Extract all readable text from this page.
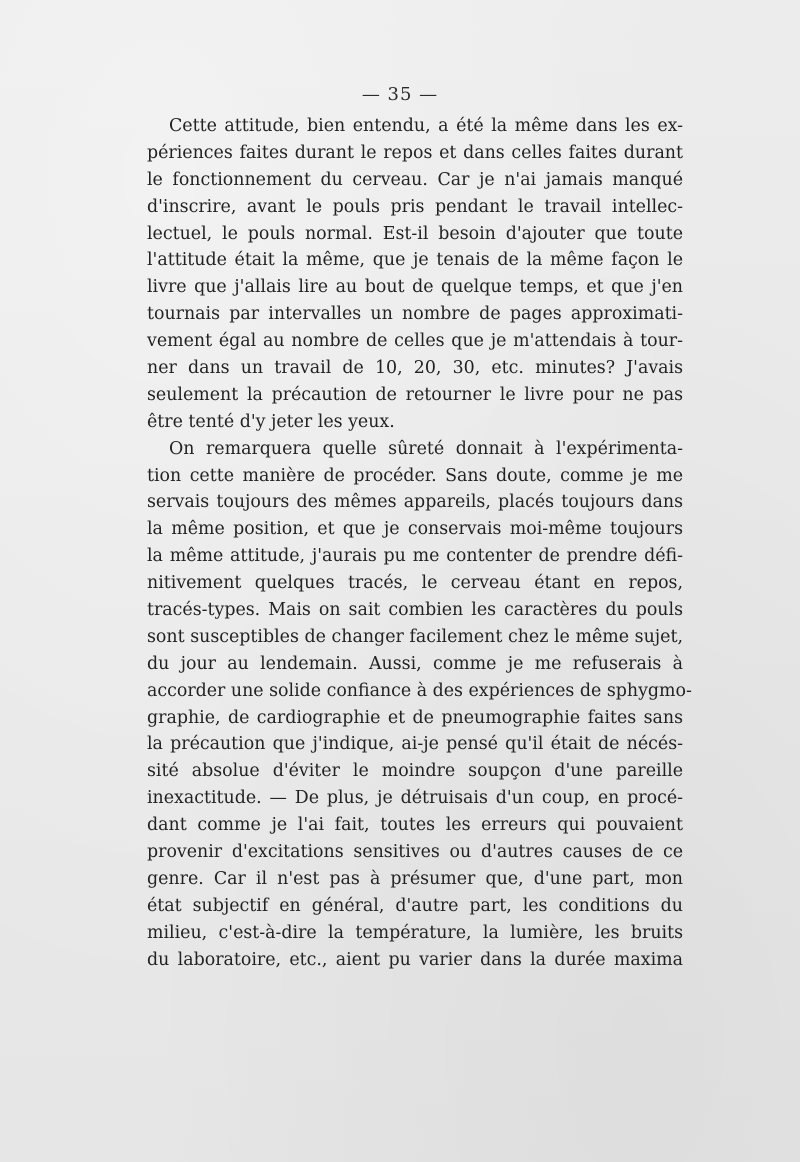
— 35 —
Cette attitude, bien entendu, a été la même dans les ex-
périences faites durant le repos et dans celles faites durant
le fonctionnement du cerveau. Car je n'ai jamais manqué
d'inscrire, avant le pouls pris pendant le travail intellec-
lectuel, le pouls normal. Est-il besoin d'ajouter que toute
l'attitude était la même, que je tenais de la même façon le
livre que j'allais lire au bout de quelque temps, et que j'en
tournais par intervalles un nombre de pages approximati-
vement égal au nombre de celles que je m'attendais à tour-
ner dans un travail de 10, 20, 30, etc. minutes? J'avais
seulement la précaution de retourner le livre pour ne pas
être tenté d'y jeter les yeux.
On remarquera quelle sûreté donnait à l'expérimenta-
tion cette manière de procéder. Sans doute, comme je me
servais toujours des mêmes appareils, placés toujours dans
la même position, et que je conservais moi-même toujours
la même attitude, j'aurais pu me contenter de prendre défi-
nitivement quelques tracés, le cerveau étant en repos,
tracés-types. Mais on sait combien les caractères du pouls
sont susceptibles de changer facilement chez le même sujet,
du jour au lendemain. Aussi, comme je me refuserais à
accorder une solide confiance à des expériences de sphygmo-
graphie, de cardiographie et de pneumographie faites sans
la précaution que j'indique, ai-je pensé qu'il était de nécés-
sité absolue d'éviter le moindre soupçon d'une pareille
inexactitude. — De plus, je détruisais d'un coup, en procé-
dant comme je l'ai fait, toutes les erreurs qui pouvaient
provenir d'excitations sensitives ou d'autres causes de ce
genre. Car il n'est pas à présumer que, d'une part, mon
état subjectif en général, d'autre part, les conditions du
milieu, c'est-à-dire la température, la lumière, les bruits
du laboratoire, etc., aient pu varier dans la durée maxima
